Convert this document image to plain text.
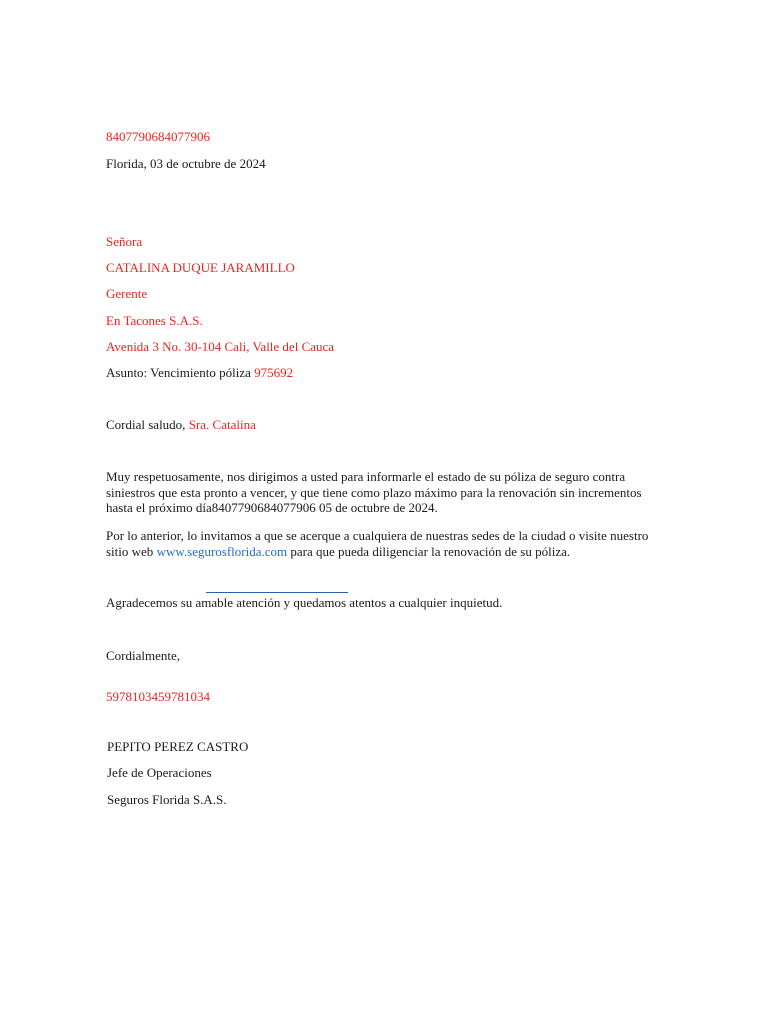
8407790684077906
Florida, 03 de octubre de 2024
Señora
CATALINA DUQUE JARAMILLO
Gerente
En Tacones S.A.S.
Avenida 3 No. 30-104 Cali, Valle del Cauca
Asunto: Vencimiento póliza 975692
Cordial saludo, Sra. Catalina
Muy respetuosamente, nos dirigimos a usted para informarle el estado de su póliza de seguro contra siniestros que esta pronto a vencer, y que tiene como plazo máximo para la renovación sin incrementos hasta el próximo día8407790684077906 05 de octubre de 2024.
Por lo anterior, lo invitamos a que se acerque a cualquiera de nuestras sedes de la ciudad o visite nuestro sitio web www.segurosflorida.com para que pueda diligenciar la renovación de su póliza.
Agradecemos su amable atención y quedamos atentos a cualquier inquietud.
Cordialmente,
5978103459781034
PEPITO PEREZ CASTRO
Jefe de Operaciones
Seguros Florida S.A.S.
